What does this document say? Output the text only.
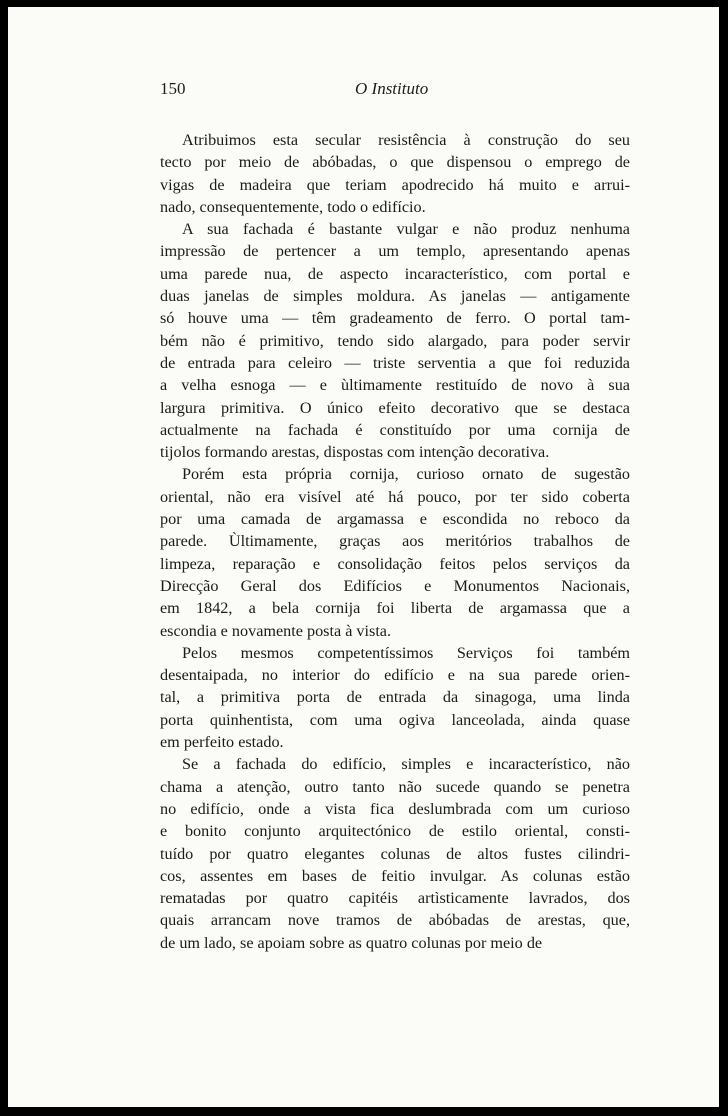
150	O Instituto
Atribuimos esta secular resistência à construção do seu
tecto por meio de abóbadas, o que dispensou o emprego de
vigas de madeira que teriam apodrecido há muito e arrui-
nado, consequentemente, todo o edifício.
A sua fachada é bastante vulgar e não produz nenhuma
impressão de pertencer a um templo, apresentando apenas
uma parede nua, de aspecto incaracterístico, com portal e
duas janelas de simples moldura. As janelas — antigamente
só houve uma — têm gradeamento de ferro. O portal tam-
bém não é primitivo, tendo sido alargado, para poder servir
de entrada para celeiro — triste serventia a que foi reduzida
a velha esnoga — e ùltimamente restituído de novo à sua
largura primitiva. O único efeito decorativo que se destaca
actualmente na fachada é constituído por uma cornija de
tijolos formando arestas, dispostas com intenção decorativa.
Porém esta própria cornija, curioso ornato de sugestão
oriental, não era visível até há pouco, por ter sido coberta
por uma camada de argamassa e escondida no reboco da
parede. Ùltimamente, graças aos meritórios trabalhos de
limpeza, reparação e consolidação feitos pelos serviços da
Direcção Geral dos Edifícios e Monumentos Nacionais,
em 1842, a bela cornija foi liberta de argamassa que a
escondia e novamente posta à vista.
Pelos mesmos competentíssimos Serviços foi também
desentaipada, no interior do edifício e na sua parede orien-
tal, a primitiva porta de entrada da sinagoga, uma linda
porta quinhentista, com uma ogiva lanceolada, ainda quase
em perfeito estado.
Se a fachada do edifício, simples e incaracterístico, não
chama a atenção, outro tanto não sucede quando se penetra
no edifício, onde a vista fica deslumbrada com um curioso
e bonito conjunto arquitectónico de estilo oriental, consti-
tuído por quatro elegantes colunas de altos fustes cilindri-
cos, assentes em bases de feitio invulgar. As colunas estão
rematadas por quatro capitéis artìsticamente lavrados, dos
quais arrancam nove tramos de abóbadas de arestas, que,
de um lado, se apoiam sobre as quatro colunas por meio de
